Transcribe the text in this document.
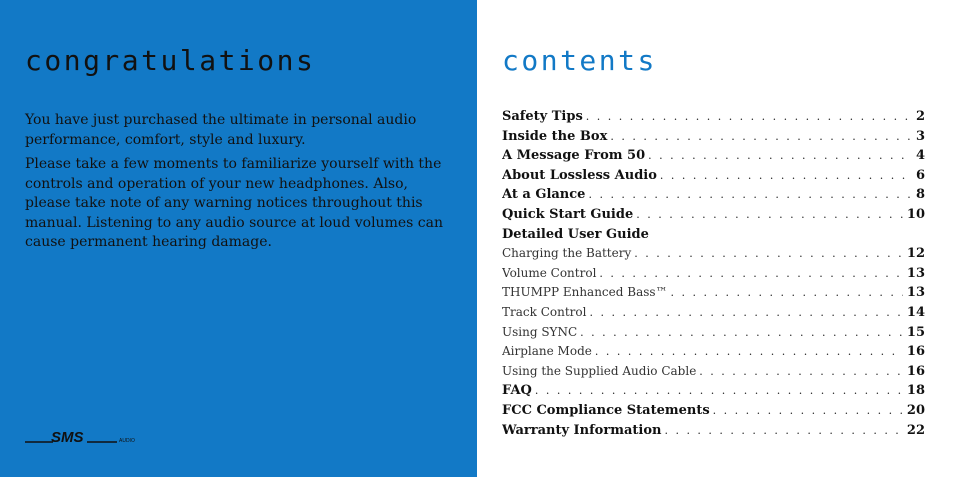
congratulations

You have just purchased the ultimate in personal audio performance, comfort, style and luxury.

Please take a few moments to familiarize yourself with the controls and operation of your new headphones. Also, please take note of any warning notices throughout this manual. Listening to any audio source at loud volumes can cause permanent hearing damage.

SMS	AUDIO
contents
Safety Tips . . .	2
Inside the Box . . .	3
A Message From 50 . . .	4
About Lossless Audio . . .	6
At a Glance . . .	8
Quick Start Guide . . .	10
Detailed User Guide
Charging the Battery . . .	12
Volume Control . . .	13
THUMPP Enhanced Bass™ . . .	13
Track Control . . .	14
Using SYNC . . .	15
Airplane Mode . . .	16
Using the Supplied Audio Cable . . .	16
FAQ . . .	18
FCC Compliance Statements . . .	20
Warranty Information . . .	22
